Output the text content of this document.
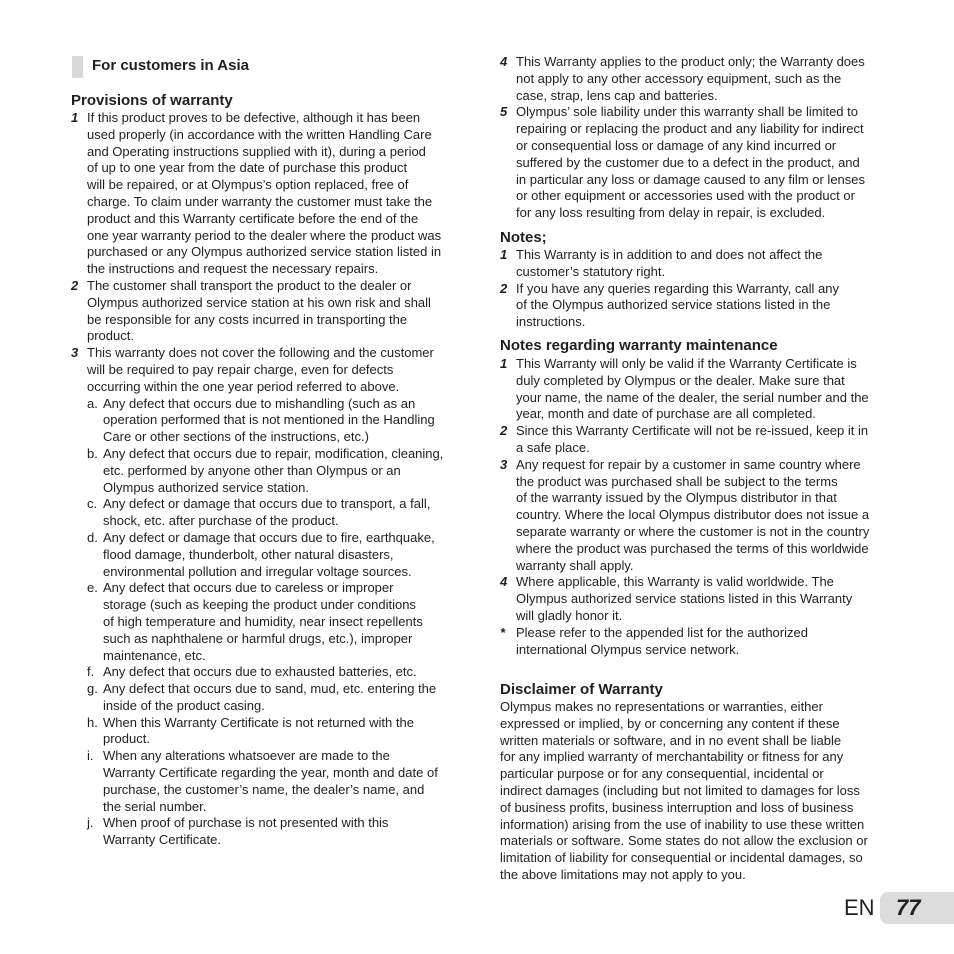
For customers in Asia
Provisions of warranty
1 If this product proves to be defective, although it has been
used properly (in accordance with the written Handling Care
and Operating instructions supplied with it), during a period
of up to one year from the date of purchase this product
will be repaired, or at Olympus’s option replaced, free of
charge. To claim under warranty the customer must take the
product and this Warranty certificate before the end of the
one year warranty period to the dealer where the product was
purchased or any Olympus authorized service station listed in
the instructions and request the necessary repairs.
2 The customer shall transport the product to the dealer or
Olympus authorized service station at his own risk and shall
be responsible for any costs incurred in transporting the
product.
3 This warranty does not cover the following and the customer
will be required to pay repair charge, even for defects
occurring within the one year period referred to above.
a. Any defect that occurs due to mishandling (such as an
operation performed that is not mentioned in the Handling
Care or other sections of the instructions, etc.)
b. Any defect that occurs due to repair, modification, cleaning,
etc. performed by anyone other than Olympus or an
Olympus authorized service station.
c. Any defect or damage that occurs due to transport, a fall,
shock, etc. after purchase of the product.
d. Any defect or damage that occurs due to fire, earthquake,
flood damage, thunderbolt, other natural disasters,
environmental pollution and irregular voltage sources.
e. Any defect that occurs due to careless or improper
storage (such as keeping the product under conditions
of high temperature and humidity, near insect repellents
such as naphthalene or harmful drugs, etc.), improper
maintenance, etc.
f. Any defect that occurs due to exhausted batteries, etc.
g. Any defect that occurs due to sand, mud, etc. entering the
inside of the product casing.
h. When this Warranty Certificate is not returned with the
product.
i. When any alterations whatsoever are made to the
Warranty Certificate regarding the year, month and date of
purchase, the customer’s name, the dealer’s name, and
the serial number.
j. When proof of purchase is not presented with this
Warranty Certificate.
4 This Warranty applies to the product only; the Warranty does
not apply to any other accessory equipment, such as the
case, strap, lens cap and batteries.
5 Olympus’ sole liability under this warranty shall be limited to
repairing or replacing the product and any liability for indirect
or consequential loss or damage of any kind incurred or
suffered by the customer due to a defect in the product, and
in particular any loss or damage caused to any film or lenses
or other equipment or accessories used with the product or
for any loss resulting from delay in repair, is excluded.
Notes;
1 This Warranty is in addition to and does not affect the
customer’s statutory right.
2 If you have any queries regarding this Warranty, call any
of the Olympus authorized service stations listed in the
instructions.
Notes regarding warranty maintenance
1 This Warranty will only be valid if the Warranty Certificate is
duly completed by Olympus or the dealer. Make sure that
your name, the name of the dealer, the serial number and the
year, month and date of purchase are all completed.
2 Since this Warranty Certificate will not be re-issued, keep it in
a safe place.
3 Any request for repair by a customer in same country where
the product was purchased shall be subject to the terms
of the warranty issued by the Olympus distributor in that
country. Where the local Olympus distributor does not issue a
separate warranty or where the customer is not in the country
where the product was purchased the terms of this worldwide
warranty shall apply.
4 Where applicable, this Warranty is valid worldwide. The
Olympus authorized service stations listed in this Warranty
will gladly honor it.
* Please refer to the appended list for the authorized
international Olympus service network.
Disclaimer of Warranty
Olympus makes no representations or warranties, either
expressed or implied, by or concerning any content if these
written materials or software, and in no event shall be liable
for any implied warranty of merchantability or fitness for any
particular purpose or for any consequential, incidental or
indirect damages (including but not limited to damages for loss
of business profits, business interruption and loss of business
information) arising from the use of inability to use these written
materials or software. Some states do not allow the exclusion or
limitation of liability for consequential or incidental damages, so
the above limitations may not apply to you.
EN 77
